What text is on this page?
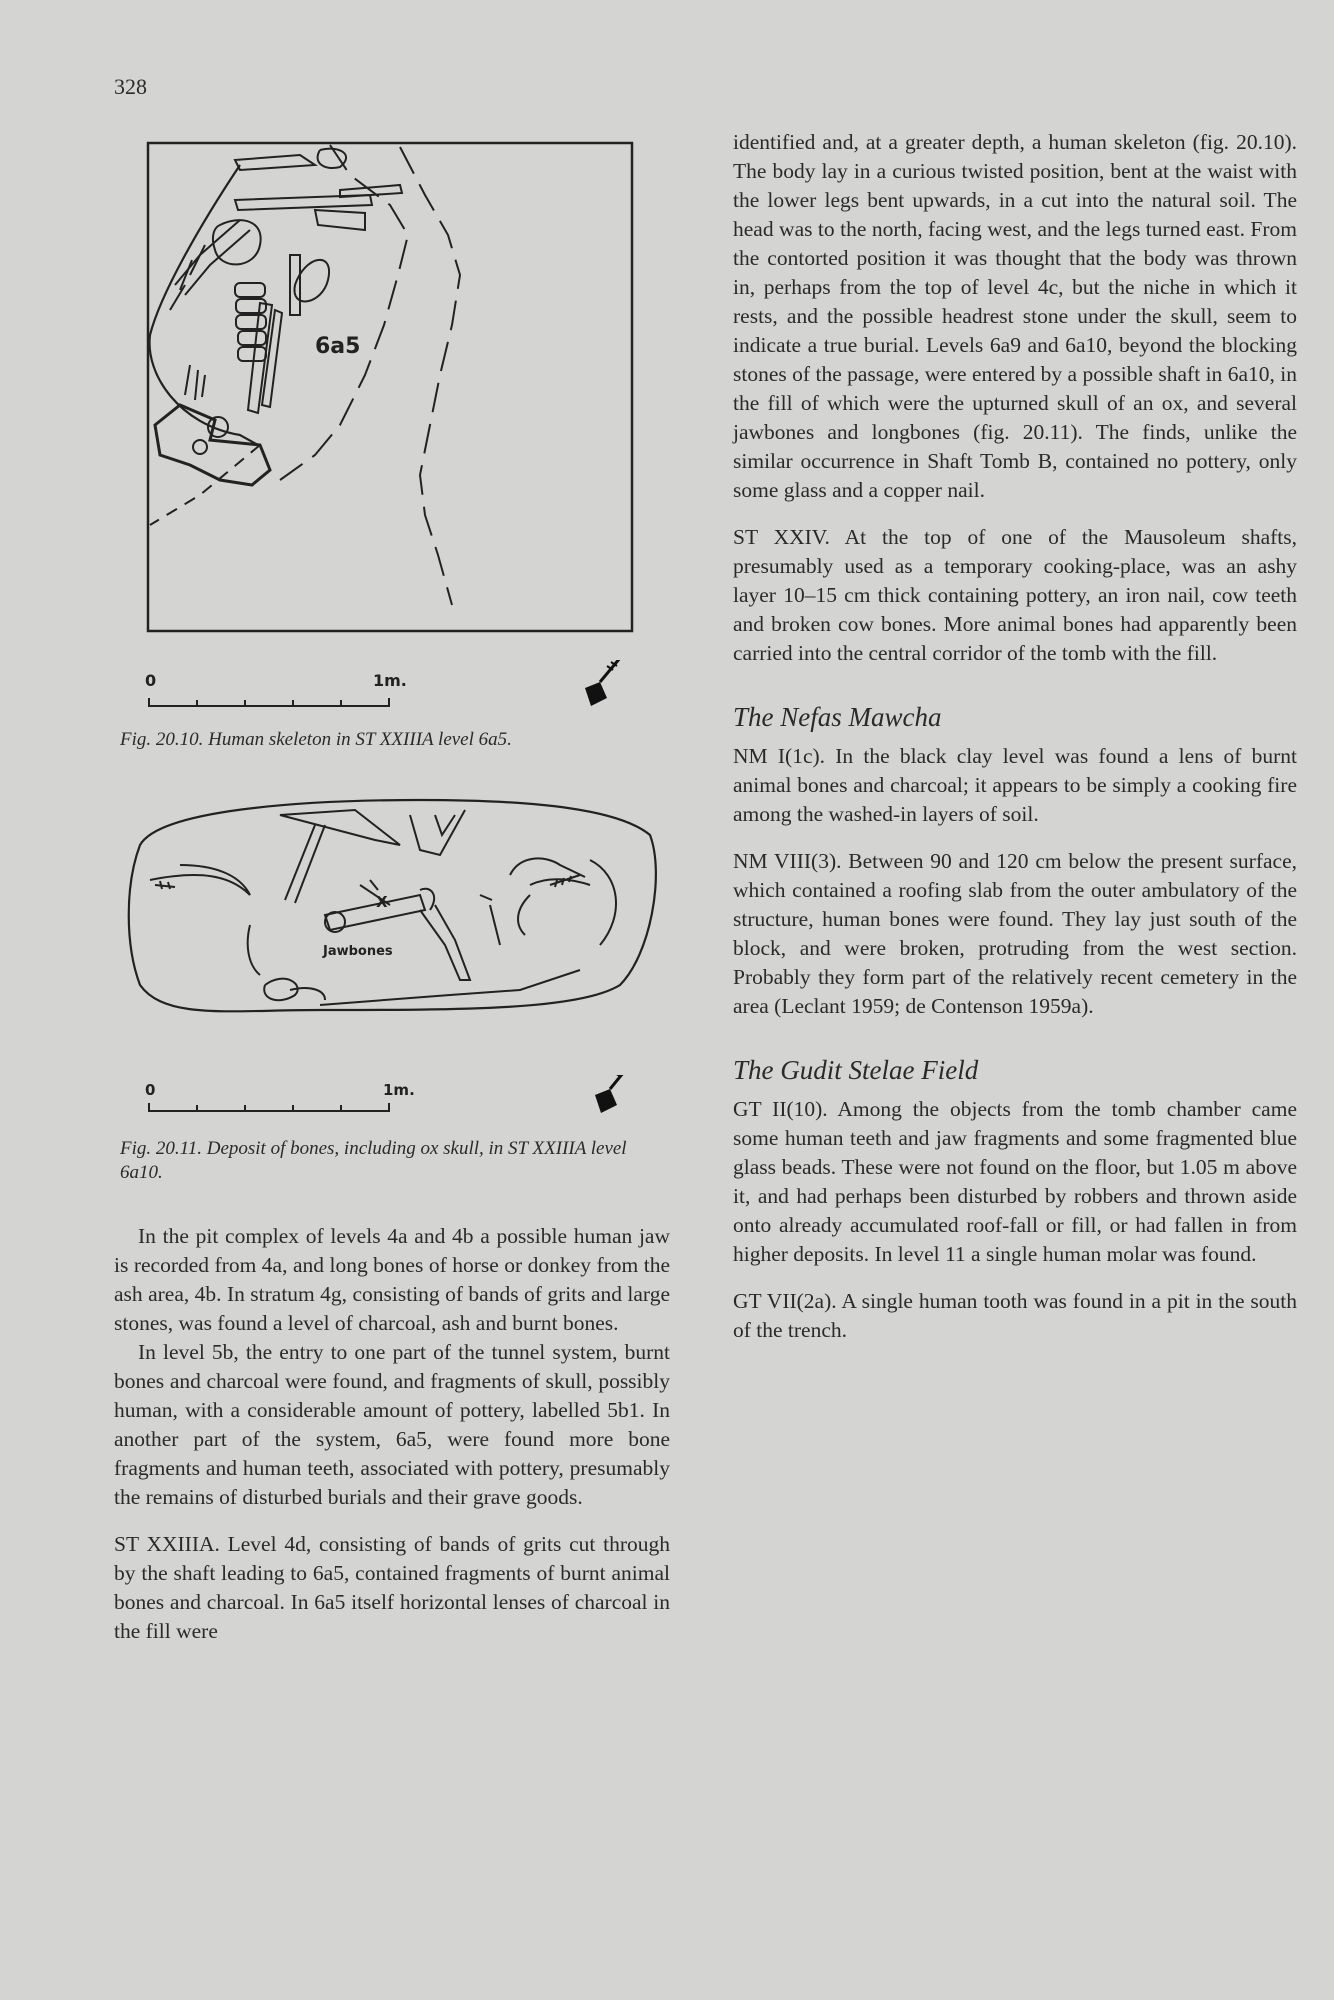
328
6a5
0	1m.
Fig. 20.10. Human skeleton in ST XXIIIA level 6a5.
X
Jawbones
0	1m.
Fig. 20.11. Deposit of bones, including ox skull, in ST XXIIIA level 6a10.

In the pit complex of levels 4a and 4b a possible human jaw is recorded from 4a, and long bones of horse or donkey from the ash area, 4b. In stratum 4g, consisting of bands of grits and large stones, was found a level of charcoal, ash and burnt bones.

In level 5b, the entry to one part of the tunnel system, burnt bones and charcoal were found, and fragments of skull, possibly human, with a considerable amount of pottery, labelled 5b1. In another part of the system, 6a5, were found more bone fragments and human teeth, associated with pottery, presumably the remains of disturbed burials and their grave goods.

ST XXIIIA. Level 4d, consisting of bands of grits cut through by the shaft leading to 6a5, contained fragments of burnt animal bones and charcoal. In 6a5 itself horizontal lenses of charcoal in the fill were

identified and, at a greater depth, a human skeleton (fig. 20.10). The body lay in a curious twisted position, bent at the waist with the lower legs bent upwards, in a cut into the natural soil. The head was to the north, facing west, and the legs turned east. From the contorted position it was thought that the body was thrown in, perhaps from the top of level 4c, but the niche in which it rests, and the possible headrest stone under the skull, seem to indicate a true burial. Levels 6a9 and 6a10, beyond the blocking stones of the passage, were entered by a possible shaft in 6a10, in the fill of which were the upturned skull of an ox, and several jawbones and longbones (fig. 20.11). The finds, unlike the similar occurrence in Shaft Tomb B, contained no pottery, only some glass and a copper nail.

ST XXIV. At the top of one of the Mausoleum shafts, presumably used as a temporary cooking-place, was an ashy layer 10–15 cm thick containing pottery, an iron nail, cow teeth and broken cow bones. More animal bones had apparently been carried into the central corridor of the tomb with the fill.

The Nefas Mawcha

NM I(1c). In the black clay level was found a lens of burnt animal bones and charcoal; it appears to be simply a cooking fire among the washed-in layers of soil.

NM VIII(3). Between 90 and 120 cm below the present surface, which contained a roofing slab from the outer ambulatory of the structure, human bones were found. They lay just south of the block, and were broken, protruding from the west section. Probably they form part of the relatively recent cemetery in the area (Leclant 1959; de Contenson 1959a).

The Gudit Stelae Field

GT II(10). Among the objects from the tomb chamber came some human teeth and jaw fragments and some fragmented blue glass beads. These were not found on the floor, but 1.05 m above it, and had perhaps been disturbed by robbers and thrown aside onto already accumulated roof-fall or fill, or had fallen in from higher deposits. In level 11 a single human molar was found.

GT VII(2a). A single human tooth was found in a pit in the south of the trench.
